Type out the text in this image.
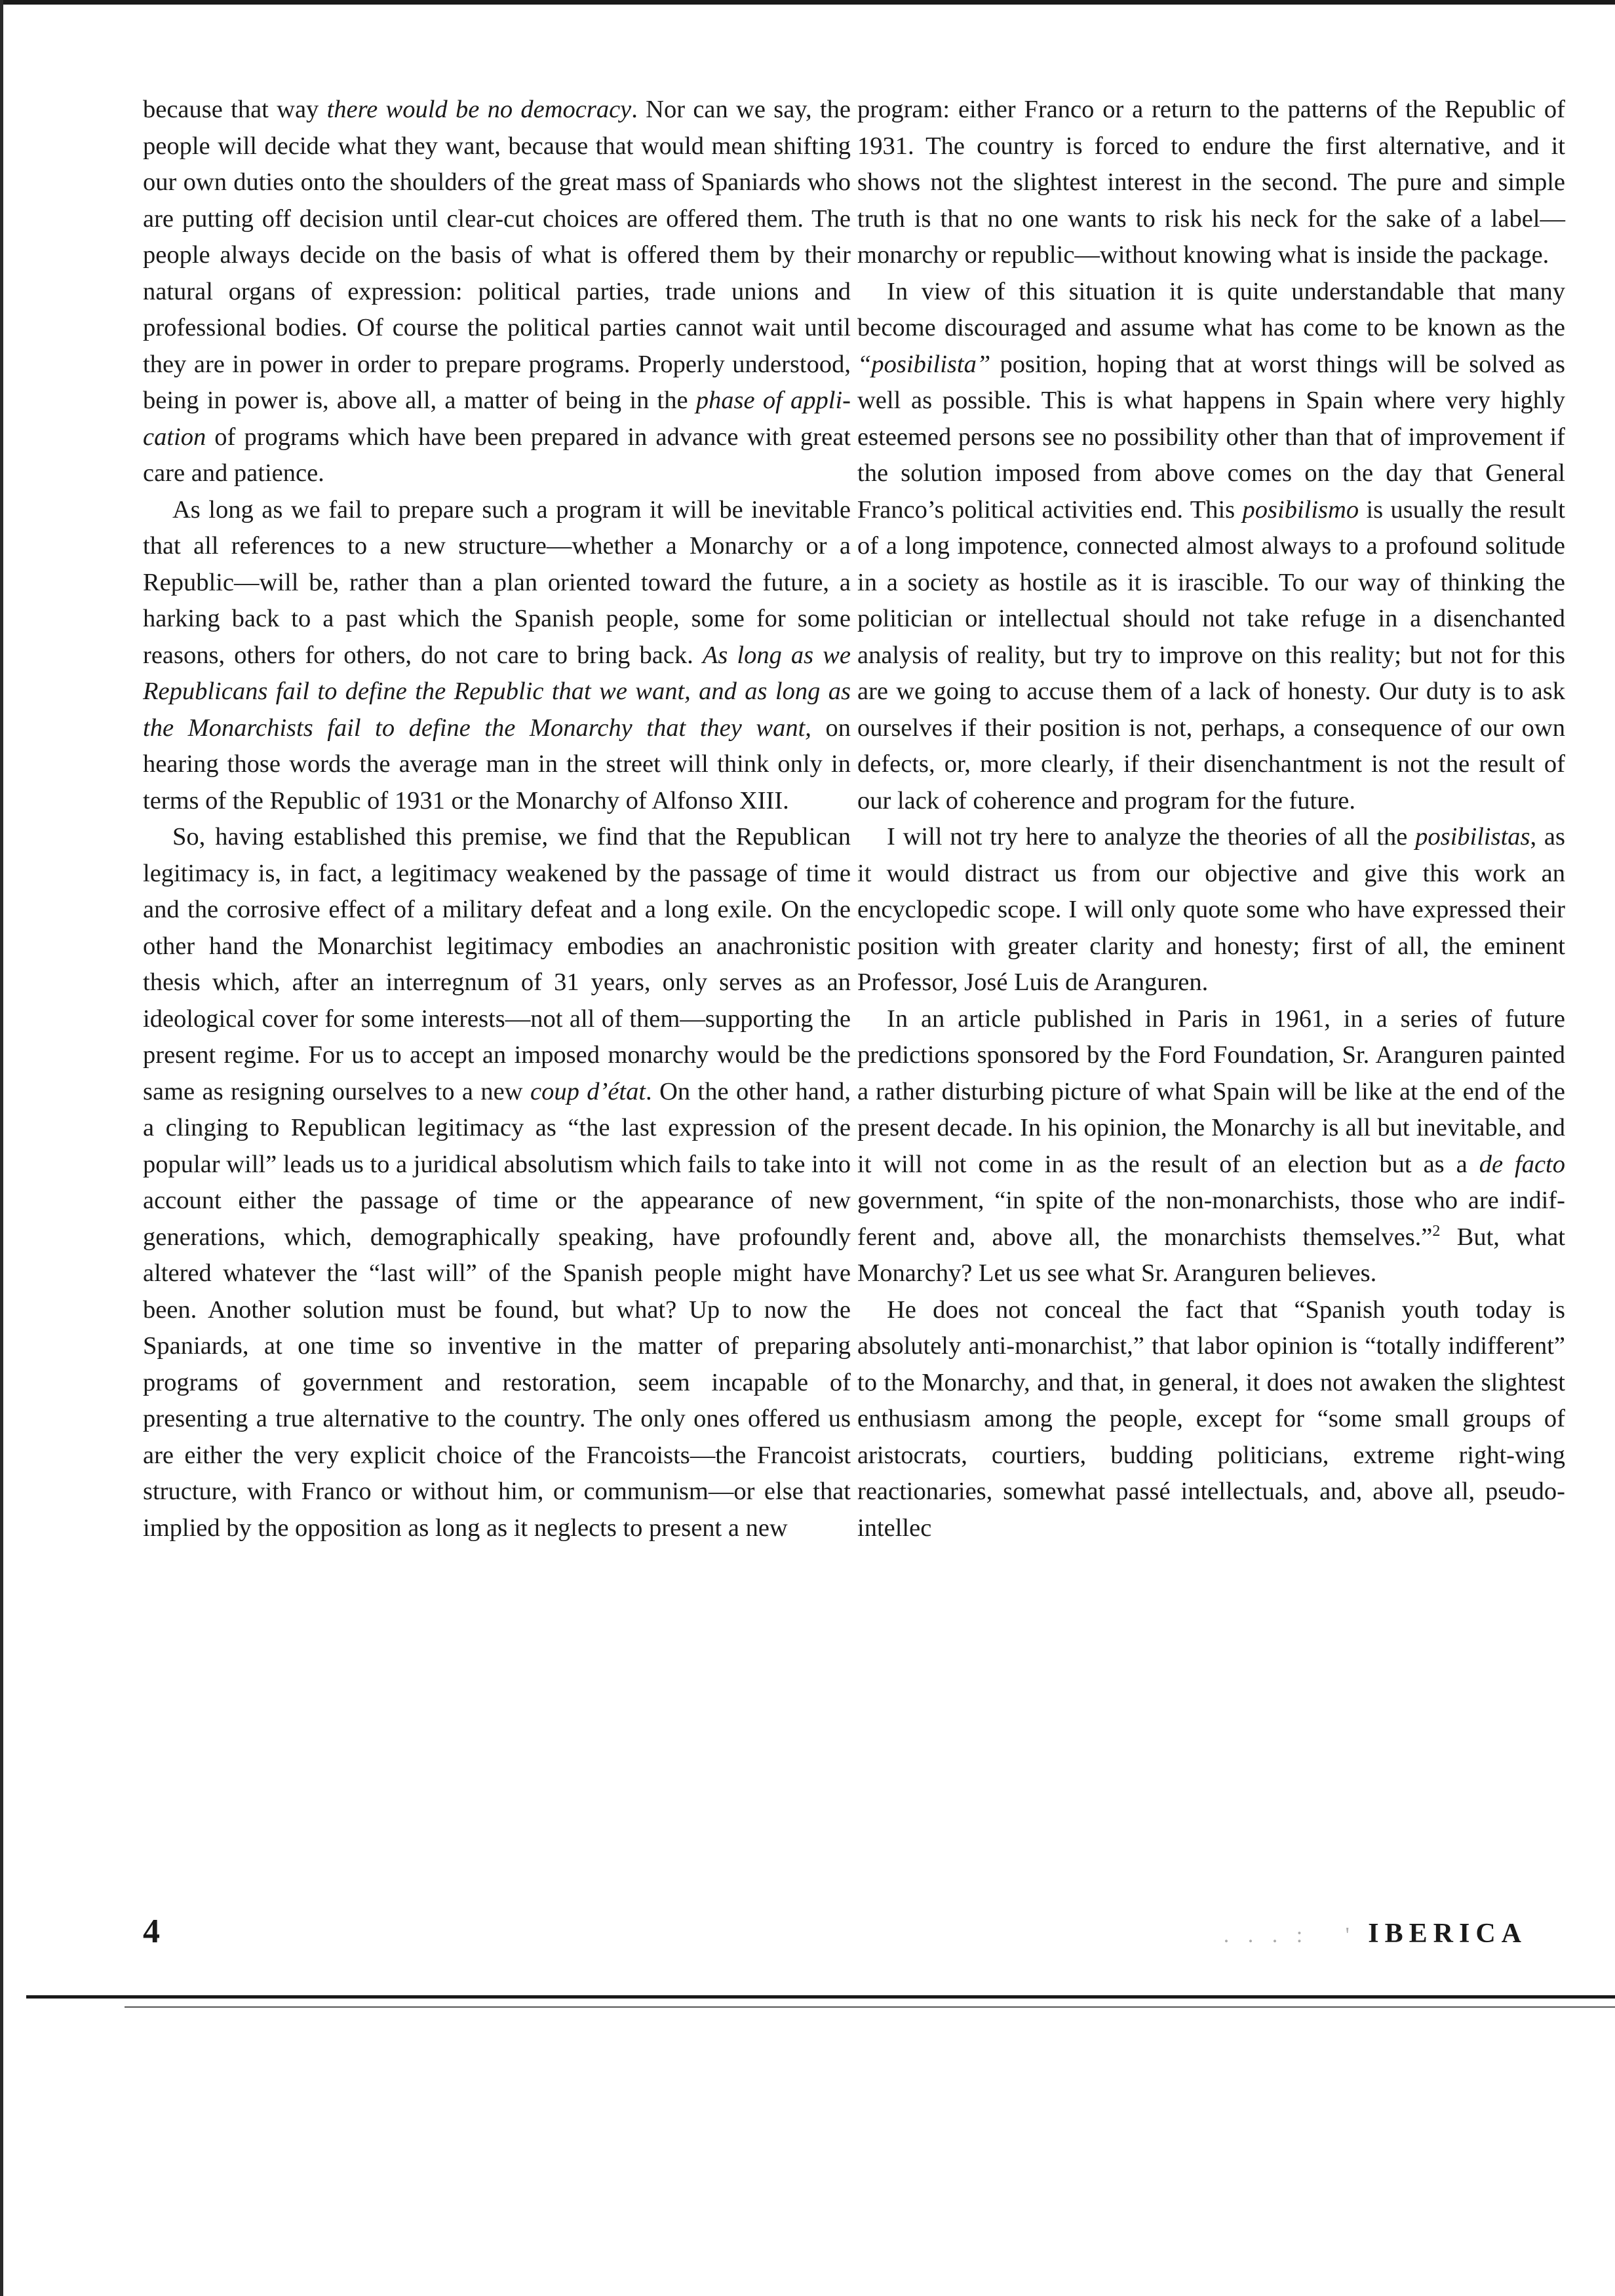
because that way there would be no democracy. Nor can we say, the people will decide what they want, because that would mean shifting our own duties onto the shoulders of the great mass of Spaniards who are putting off decision until clear-cut choices are offered them. The people always decide on the basis of what is offered them by their natural organs of expression: political parties, trade unions and professional bodies. Of course the political parties cannot wait until they are in power in order to prepare programs. Properly understood, being in power is, above all, a matter of being in the phase of application of programs which have been prepared in advance with great care and patience.

As long as we fail to prepare such a program it will be inevitable that all references to a new structure—whether a Monarchy or a Republic—will be, rather than a plan oriented toward the future, a harking back to a past which the Spanish people, some for some reasons, others for others, do not care to bring back. As long as we Republicans fail to define the Republic that we want, and as long as the Monarchists fail to define the Monarchy that they want, on hearing those words the average man in the street will think only in terms of the Republic of 1931 or the Monarchy of Alfonso XIII.

So, having established this premise, we find that the Republican legitimacy is, in fact, a legitimacy weakened by the passage of time and the corrosive effect of a military defeat and a long exile. On the other hand the Monarchist legitimacy embodies an anachronistic thesis which, after an interregnum of 31 years, only serves as an ideological cover for some interests—not all of them—supporting the present regime. For us to accept an imposed monarchy would be the same as resigning ourselves to a new coup d’état. On the other hand, a clinging to Republican legitimacy as “the last expression of the popular will” leads us to a juridical absolutism which fails to take into account either the passage of time or the appearance of new generations, which, demographically speaking, have profoundly altered whatever the “last will” of the Spanish people might have been. Another solution must be found, but what? Up to now the Spaniards, at one time so inventive in the matter of preparing programs of government and restoration, seem incapable of presenting a true alternative to the country. The only ones offered us are either the very explicit choice of the Francoists—the Francoist structure, with Franco or without him, or communism—or else that implied by the opposition as long as it neglects to present a new

program: either Franco or a return to the patterns of the Republic of 1931. The country is forced to endure the first alternative, and it shows not the slightest interest in the second. The pure and simple truth is that no one wants to risk his neck for the sake of a label—monarchy or republic—without knowing what is inside the package.

In view of this situation it is quite understandable that many become discouraged and assume what has come to be known as the “posibilista” position, hoping that at worst things will be solved as well as possible. This is what happens in Spain where very highly esteemed persons see no possibility other than that of improvement if the solution imposed from above comes on the day that General Franco’s political activities end. This posibilismo is usually the result of a long impotence, connected almost always to a profound solitude in a society as hostile as it is irascible. To our way of thinking the politician or intellectual should not take refuge in a disenchanted analysis of reality, but try to improve on this reality; but not for this are we going to accuse them of a lack of honesty. Our duty is to ask ourselves if their position is not, perhaps, a consequence of our own defects, or, more clearly, if their disenchantment is not the result of our lack of coherence and program for the future.

I will not try here to analyze the theories of all the posibilistas, as it would distract us from our objective and give this work an encyclopedic scope. I will only quote some who have expressed their position with greater clarity and honesty; first of all, the eminent Professor, José Luis de Aranguren.

In an article published in Paris in 1961, in a series of future predictions sponsored by the Ford Foundation, Sr. Aranguren painted a rather disturbing picture of what Spain will be like at the end of the present decade. In his opinion, the Monarchy is all but inevitable, and it will not come in as the result of an election but as a de facto government, “in spite of the non-monarchists, those who are indifferent and, above all, the monarchists themselves.”$^2$ But, what Monarchy? Let us see what Sr. Aranguren believes.

He does not conceal the fact that “Spanish youth today is absolutely anti-monarchist,” that labor opinion is “totally indifferent” to the Monarchy, and that, in general, it does not awaken the slightest enthusiasm among the people, except for “some small groups of aristocrats, courtiers, budding politicians, extreme right-wing reactionaries, somewhat passé intellectuals, and, above all, pseudo-intellec

4	. . . :   ' IBERICA
